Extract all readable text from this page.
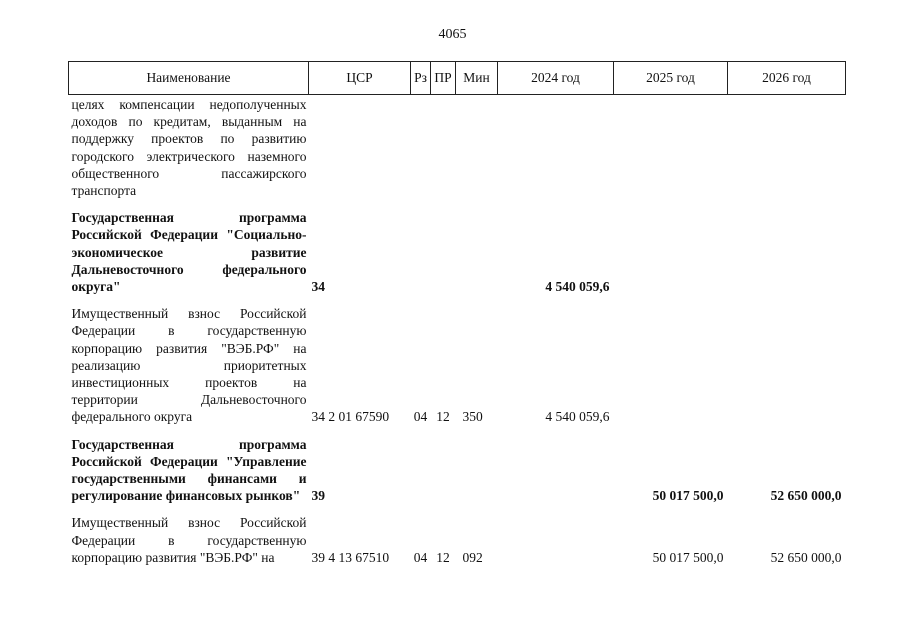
4065
Наименование	ЦСР	Рз	ПР	Мин	2024 год	2025 год	2026 год
целях компенсации недополученных доходов по кредитам, выданным на поддержку проектов по развитию городского электрического наземного общественного пассажирского транспорта							
Государственная программа Российской Федерации "Социально-экономическое развитие Дальневосточного федерального округа"	34				4 540 059,6		
Имущественный взнос Российской Федерации в государственную корпорацию развития "ВЭБ.РФ" на реализацию приоритетных инвестиционных проектов на территории Дальневосточного федерального округа	34 2 01 67590	04	12	350	4 540 059,6		
Государственная программа Российской Федерации "Управление государственными финансами и регулирование финансовых рынков"	39					50 017 500,0	52 650 000,0
Имущественный взнос Российской Федерации в государственную корпорацию развития "ВЭБ.РФ" на	39 4 13 67510	04	12	092		50 017 500,0	52 650 000,0
